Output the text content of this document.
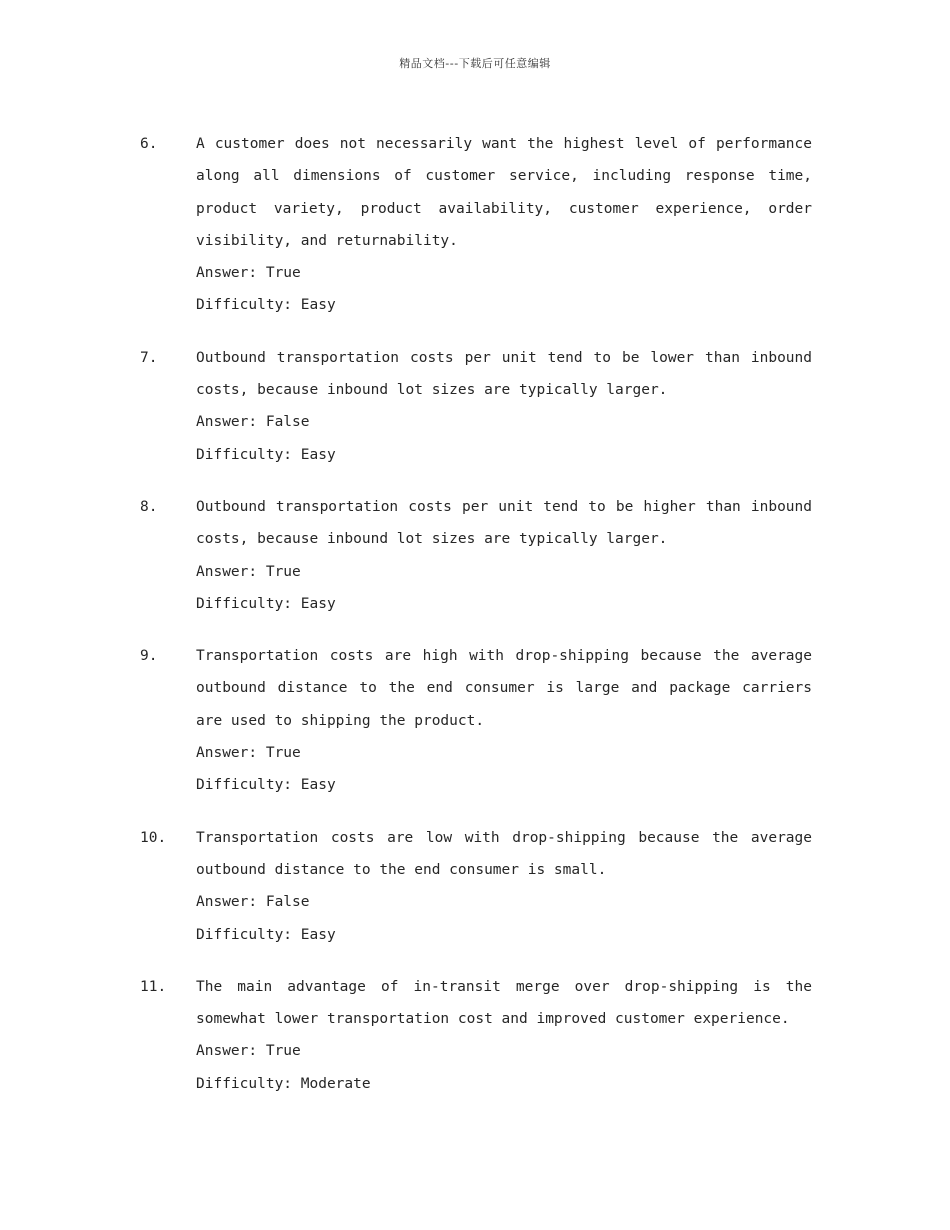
精品文档---下载后可任意编辑
6.	A customer does not necessarily want the highest level of performance along all dimensions of customer service, including response time, product variety, product availability, customer experience, order visibility, and returnability.
Answer: True
Difficulty: Easy
7.	Outbound transportation costs per unit tend to be lower than inbound costs, because inbound lot sizes are typically larger.
Answer: False
Difficulty: Easy
8.	Outbound transportation costs per unit tend to be higher than inbound costs, because inbound lot sizes are typically larger.
Answer: True
Difficulty: Easy
9.	Transportation costs are high with drop-shipping because the average outbound distance to the end consumer is large and package carriers are used to shipping the product.
Answer: True
Difficulty: Easy
10.	Transportation costs are low with drop-shipping because the average outbound distance to the end consumer is small.
Answer: False
Difficulty: Easy
11.	The main advantage of in-transit merge over drop-shipping is the somewhat lower transportation cost and improved customer experience.
Answer: True
Difficulty: Moderate
